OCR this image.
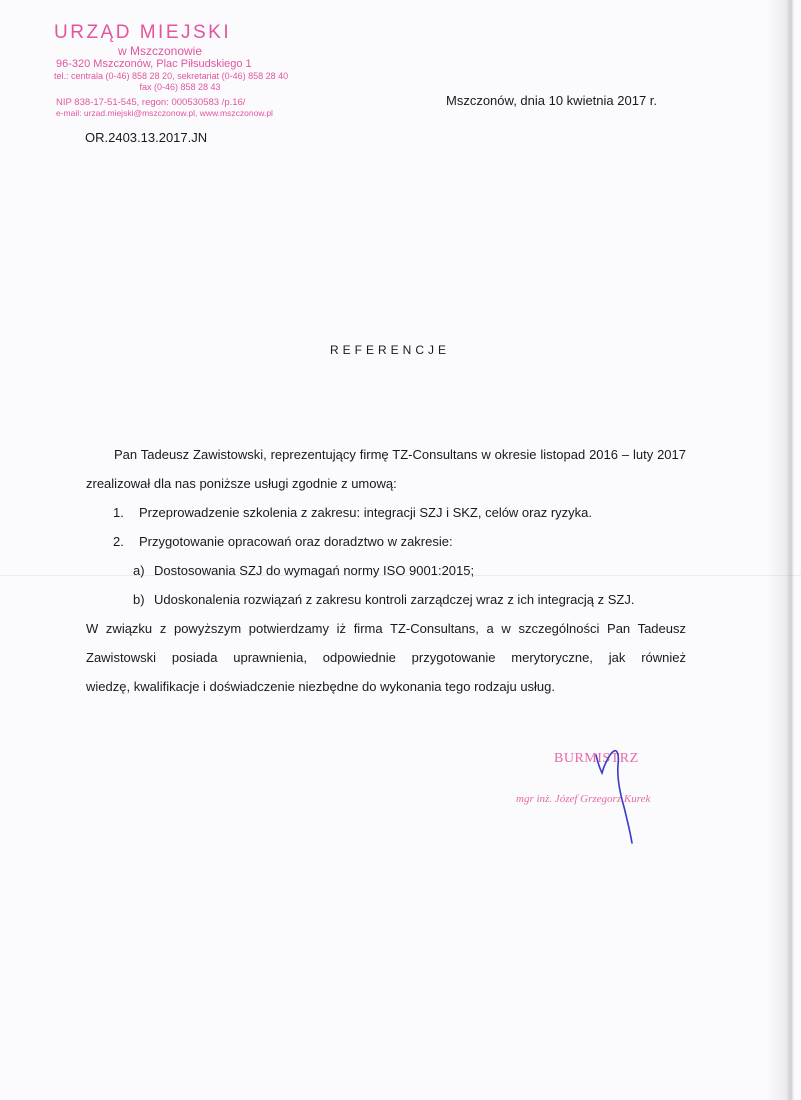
URZĄD MIEJSKI
w Mszczonowie
96-320 Mszczonów, Plac Piłsudskiego 1
tel.: centrala (0-46) 858 28 20, sekretariat (0-46) 858 28 40
fax (0-46) 858 28 43
NIP 838-17-51-545, regon: 000530583 /p.16/
e-mail: urzad.miejski@mszczonow.pl, www.mszczonow.pl
Mszczonów, dnia 10 kwietnia 2017 r.
OR.2403.13.2017.JN
REFERENCJE
Pan Tadeusz Zawistowski, reprezentujący firmę TZ-Consultans w okresie listopad 2016 – luty 2017 zrealizował dla nas poniższe usługi zgodnie z umową:
1. Przeprowadzenie szkolenia z zakresu: integracji SZJ i SKZ, celów oraz ryzyka.
2. Przygotowanie opracowań oraz doradztwo w zakresie:
a) Dostosowania SZJ do wymagań normy ISO 9001:2015;
b) Udoskonalenia rozwiązań z zakresu kontroli zarządczej wraz z ich integracją z SZJ.
W związku z powyższym potwierdzamy iż firma TZ-Consultans, a w szczególności Pan Tadeusz
Zawistowski posiada uprawnienia, odpowiednie przygotowanie merytoryczne, jak również
wiedzę, kwalifikacje i doświadczenie niezbędne do wykonania tego rodzaju usług.
BURMISTRZ
mgr inż. Józef Grzegorz Kurek
